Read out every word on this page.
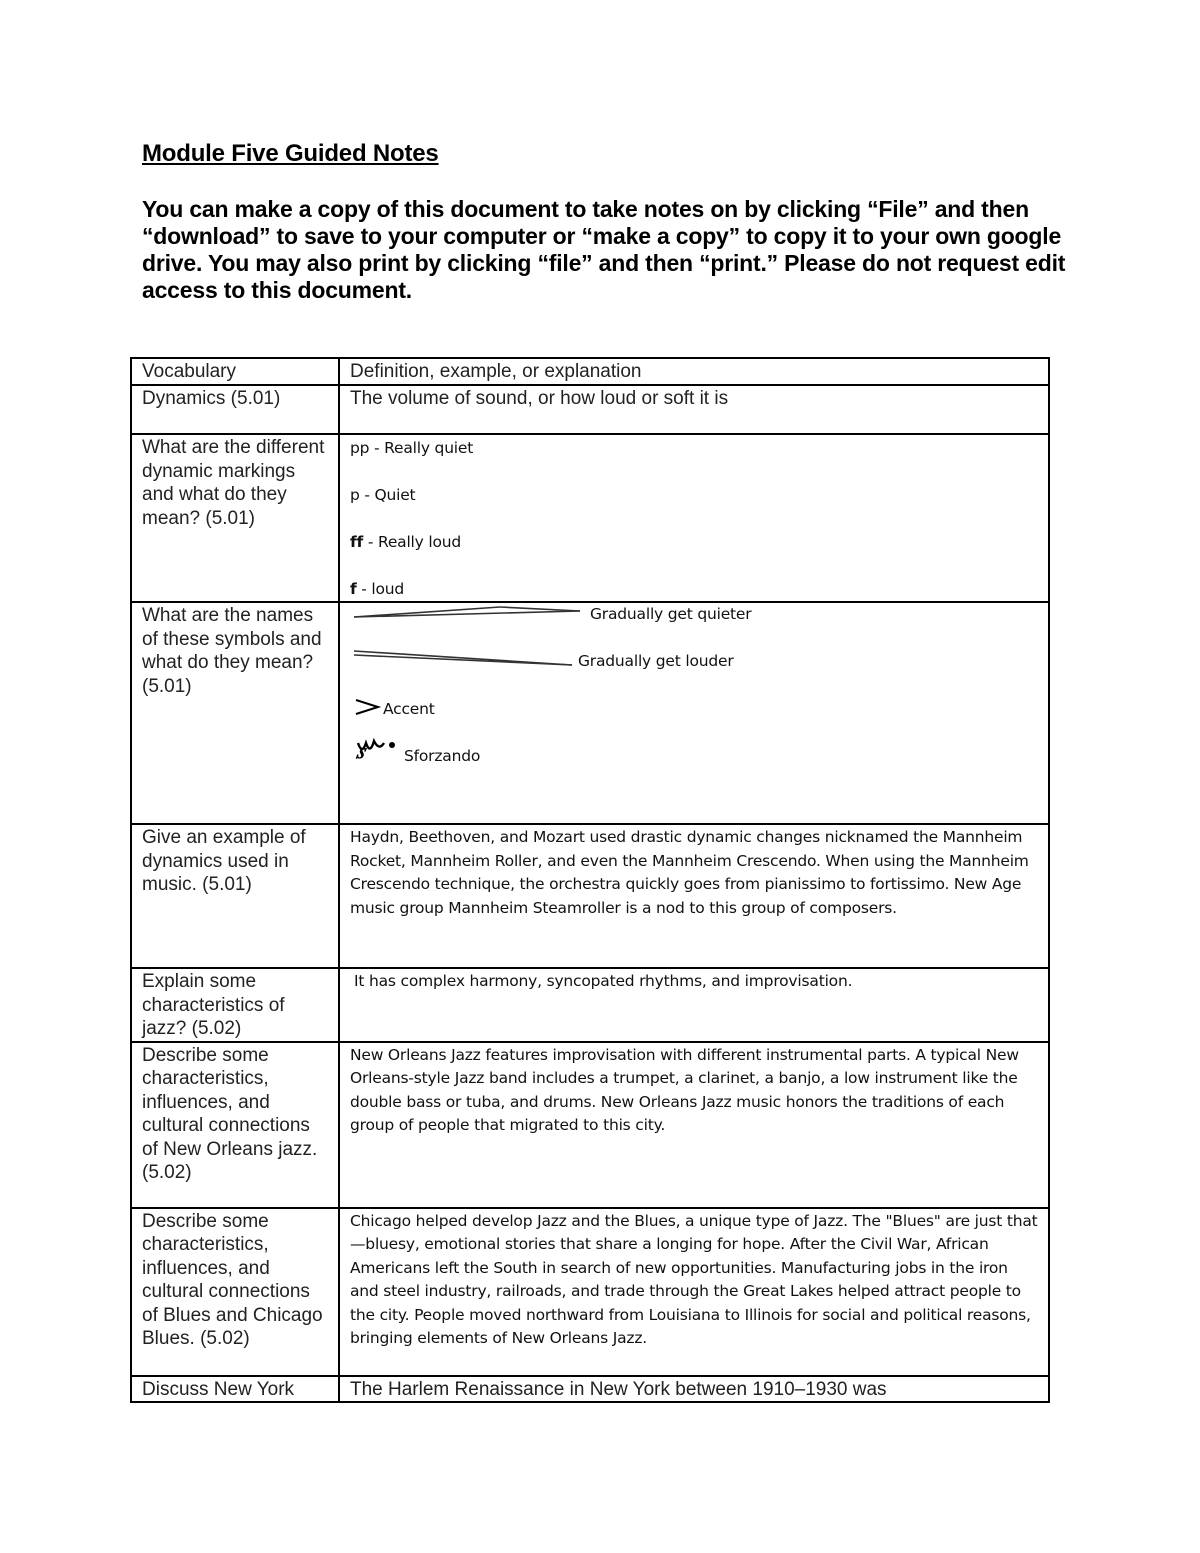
Module Five Guided Notes
You can make a copy of this document to take notes on by clicking “File” and then “download” to save to your computer or “make a copy” to copy it to your own google drive. You may also print by clicking “file” and then “print.” Please do not request edit access to this document.
Vocabulary	Definition, example, or explanation
Dynamics (5.01)	The volume of sound, or how loud or soft it is
What are the different dynamic markings and what do they mean? (5.01)	pp - Really quiet
p - Quiet
ff - Really loud
f - loud

What are the names of these symbols and what do they mean? (5.01)	𝆍
Gradually get quieter
Gradually get louder
Accent
Sforzando

Give an example of dynamics used in music. (5.01)	Haydn, Beethoven, and Mozart used drastic dynamic changes nicknamed the Mannheim Rocket, Mannheim Roller, and even the Mannheim Crescendo. When using the Mannheim Crescendo technique, the orchestra quickly goes from pianissimo to fortissimo. New Age music group Mannheim Steamroller is a nod to this group of composers.
Explain some characteristics of jazz? (5.02)	It has complex harmony, syncopated rhythms, and improvisation.
Describe some characteristics, influences, and cultural connections of New Orleans jazz. (5.02)	New Orleans Jazz features improvisation with different instrumental parts. A typical New Orleans-style Jazz band includes a trumpet, a clarinet, a banjo, a low instrument like the double bass or tuba, and drums. New Orleans Jazz music honors the traditions of each group of people that migrated to this city.
Describe some characteristics, influences, and cultural connections of Blues and Chicago Blues. (5.02)	Chicago helped develop Jazz and the Blues, a unique type of Jazz. The "Blues" are just that—bluesy, emotional stories that share a longing for hope. After the Civil War, African Americans left the South in search of new opportunities. Manufacturing jobs in the iron and steel industry, railroads, and trade through the Great Lakes helped attract people to the city. People moved northward from Louisiana to Illinois for social and political reasons, bringing elements of New Orleans Jazz.
Discuss New York	The Harlem Renaissance in New York between 1910–1930 was
